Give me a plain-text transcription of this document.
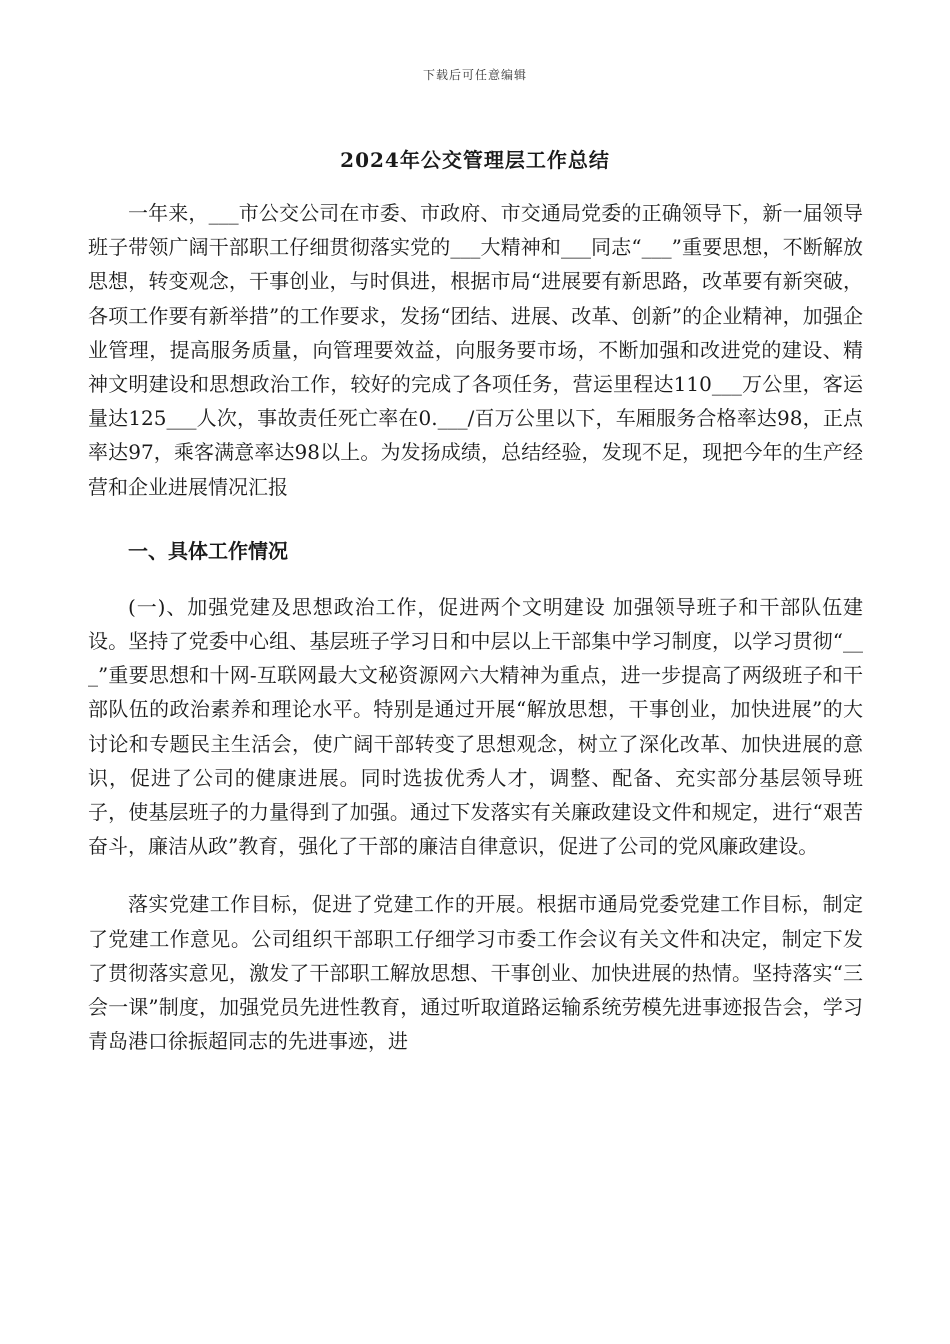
下载后可任意编辑
2024年公交管理层工作总结

一年来，___市公交公司在市委、市政府、市交通局党委的正确领导下，新一届领导班子带领广阔干部职工仔细贯彻落实党的___大精神和___同志“___”重要思想，不断解放思想，转变观念，干事创业，与时俱进，根据市局“进展要有新思路，改革要有新突破，各项工作要有新举措”的工作要求，发扬“团结、进展、改革、创新”的企业精神，加强企业管理，提高服务质量，向管理要效益，向服务要市场，不断加强和改进党的建设、精神文明建设和思想政治工作，较好的完成了各项任务，营运里程达110___万公里，客运量达125___人次，事故责任死亡率在0.___/百万公里以下，车厢服务合格率达98，正点率达97，乘客满意率达98以上。为发扬成绩，总结经验，发现不足，现把今年的生产经营和企业进展情况汇报

一、具体工作情况

(一)、加强党建及思想政治工作，促进两个文明建设 加强领导班子和干部队伍建设。坚持了党委中心组、基层班子学习日和中层以上干部集中学习制度，以学习贯彻“___”重要思想和十网-互联网最大文秘资源网六大精神为重点，进一步提高了两级班子和干部队伍的政治素养和理论水平。特别是通过开展“解放思想，干事创业，加快进展”的大讨论和专题民主生活会，使广阔干部转变了思想观念，树立了深化改革、加快进展的意识，促进了公司的健康进展。同时选拔优秀人才，调整、配备、充实部分基层领导班子，使基层班子的力量得到了加强。通过下发落实有关廉政建设文件和规定，进行“艰苦奋斗，廉洁从政”教育，强化了干部的廉洁自律意识，促进了公司的党风廉政建设。

落实党建工作目标，促进了党建工作的开展。根据市通局党委党建工作目标，制定了党建工作意见。公司组织干部职工仔细学习市委工作会议有关文件和决定，制定下发了贯彻落实意见，激发了干部职工解放思想、干事创业、加快进展的热情。坚持落实“三会一课”制度，加强党员先进性教育，通过听取道路运输系统劳模先进事迹报告会，学习青岛港口徐振超同志的先进事迹，进
